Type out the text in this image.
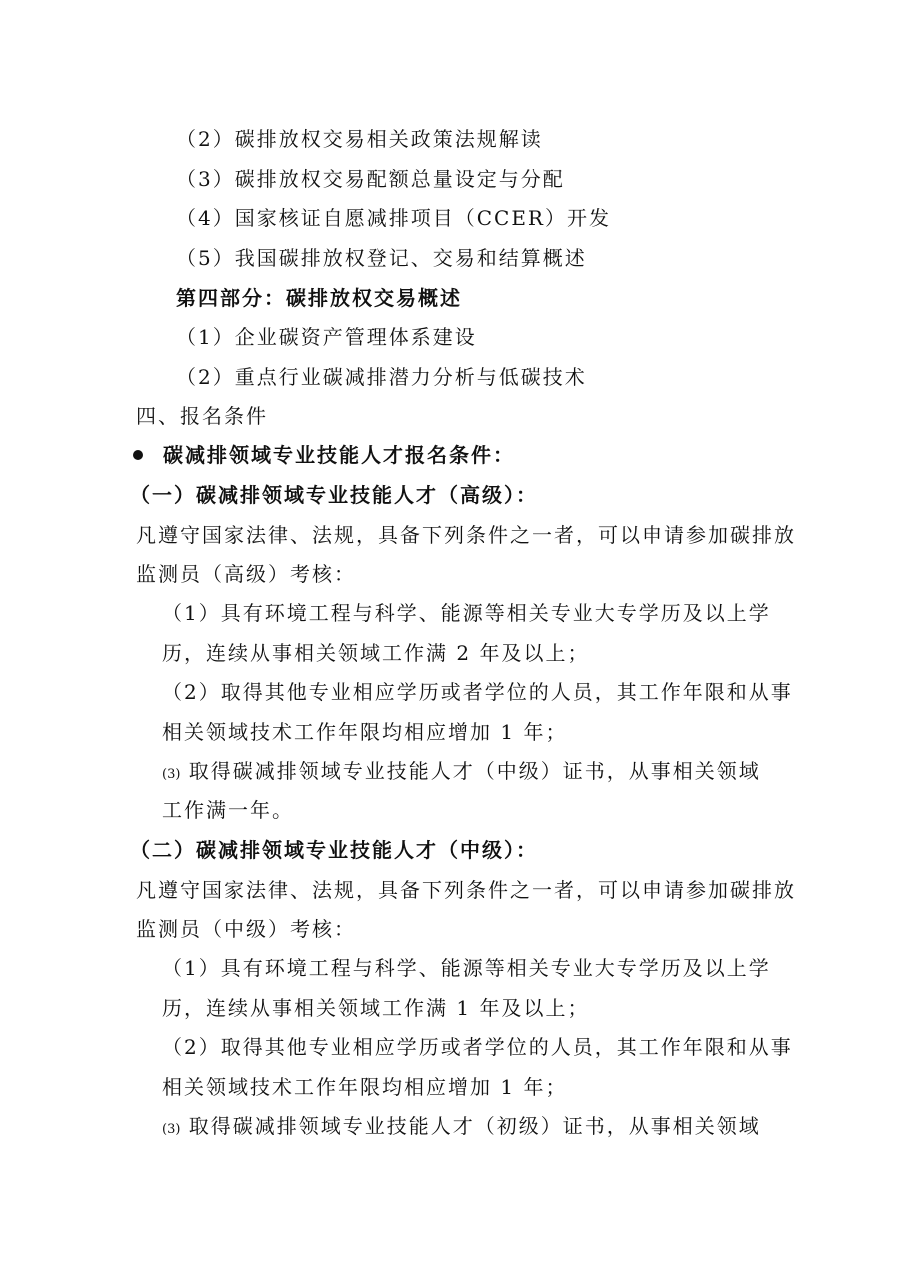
（2）碳排放权交易相关政策法规解读
（3）碳排放权交易配额总量设定与分配
（4）国家核证自愿减排项目（CCER）开发
（5）我国碳排放权登记、交易和结算概述
第四部分：碳排放权交易概述
（1）企业碳资产管理体系建设
（2）重点行业碳减排潜力分析与低碳技术
四、报名条件
碳减排领域专业技能人才报名条件：
（一）碳减排领域专业技能人才（高级）：
凡遵守国家法律、法规，具备下列条件之一者，可以申请参加碳排放
监测员（高级）考核：
（1）具有环境工程与科学、能源等相关专业大专学历及以上学
历，连续从事相关领域工作满 2 年及以上；
（2）取得其他专业相应学历或者学位的人员，其工作年限和从事
相关领域技术工作年限均相应增加 1 年；
(3) 取得碳减排领域专业技能人才（中级）证书，从事相关领域
工作满一年。
（二）碳减排领域专业技能人才（中级）：
凡遵守国家法律、法规，具备下列条件之一者，可以申请参加碳排放
监测员（中级）考核：
（1）具有环境工程与科学、能源等相关专业大专学历及以上学
历，连续从事相关领域工作满 1 年及以上；
（2）取得其他专业相应学历或者学位的人员，其工作年限和从事
相关领域技术工作年限均相应增加 1 年；
(3) 取得碳减排领域专业技能人才（初级）证书，从事相关领域
